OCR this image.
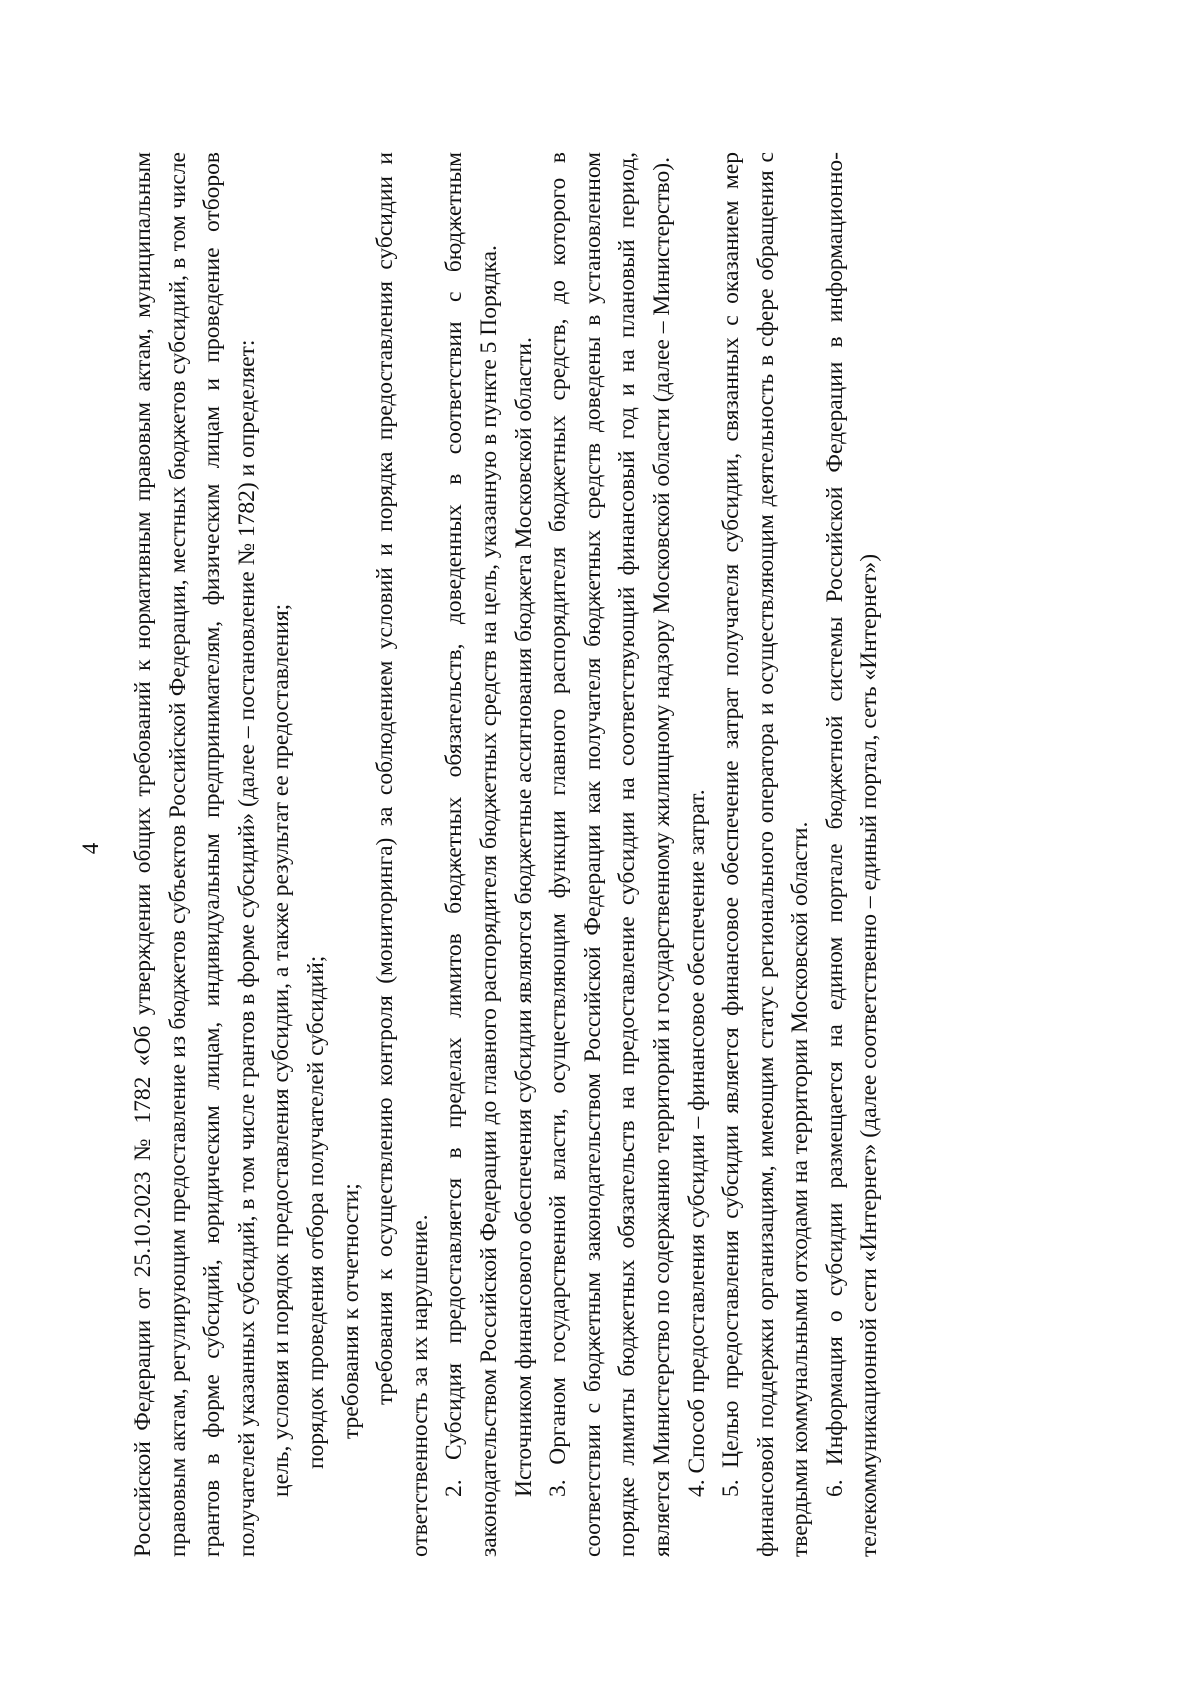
4 Российской Федерации от 25.10.2023 № 1782 «Об утверждении общих требований к нормативным правовым актам, муниципальным правовым актам, регулирующим предоставление из бюджетов субъектов Российской Федерации, местных бюджетов субсидий, в том числе грантов в форме субсидий, юридическим лицам, индивидуальным предпринимателям, физическим лицам и проведение отборов получателей указанных субсидий, в том числе грантов в форме субсидий» (далее – постановление № 1782) и определяет: цель, условия и порядок предоставления субсидии, а также результат ее предоставления; порядок проведения отбора получателей субсидий; требования к отчетности; требования к осуществлению контроля (мониторинга) за соблюдением условий и порядка предоставления субсидии и ответственность за их нарушение. 2. Субсидия предоставляется в пределах лимитов бюджетных обязательств, доведенных в соответствии с бюджетным законодательством Российской Федерации до главного распорядителя бюджетных средств на цель, указанную в пункте 5 Порядка. Источником финансового обеспечения субсидии являются бюджетные ассигнования бюджета Московской области. 3. Органом государственной власти, осуществляющим функции главного распорядителя бюджетных средств, до которого в соответствии с бюджетным законодательством Российской Федерации как получателя бюджетных средств доведены в установленном порядке лимиты бюджетных обязательств на предоставление субсидии на соответствующий финансовый год и на плановый период, является Министерство по содержанию территорий и государственному жилищному надзору Московской области (далее – Министерство). 4. Способ предоставления субсидии – финансовое обеспечение затрат. 5. Целью предоставления субсидии является финансовое обеспечение затрат получателя субсидии, связанных с оказанием мер финансовой поддержки организациям, имеющим статус регионального оператора и осуществляющим деятельность в сфере обращения с твердыми коммунальными отходами на территории Московской области. 6. Информация о субсидии размещается на едином портале бюджетной системы Российской Федерации в информационно-телекоммуникационной сети «Интернет» (далее соответственно – единый портал, сеть «Интернет»)
